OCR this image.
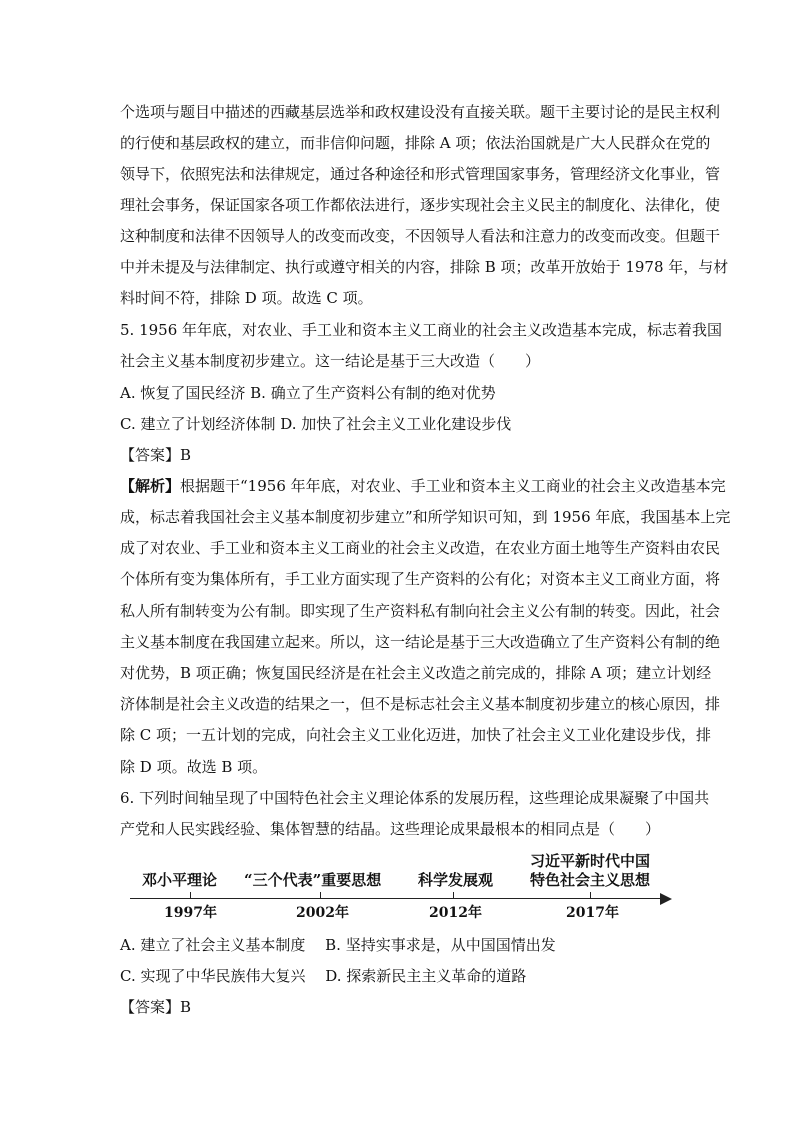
个选项与题目中描述的西藏基层选举和政权建设没有直接关联。题干主要讨论的是民主权利
的行使和基层政权的建立，而非信仰问题，排除 A 项；依法治国就是广大人民群众在党的
领导下，依照宪法和法律规定，通过各种途径和形式管理国家事务，管理经济文化事业，管
理社会事务，保证国家各项工作都依法进行，逐步实现社会主义民主的制度化、法律化，使
这种制度和法律不因领导人的改变而改变，不因领导人看法和注意力的改变而改变。但题干
中并未提及与法律制定、执行或遵守相关的内容，排除 B 项；改革开放始于 1978 年，与材
料时间不符，排除 D 项。故选 C 项。
5. 1956 年年底，对农业、手工业和资本主义工商业的社会主义改造基本完成，标志着我国
社会主义基本制度初步建立。这一结论是基于三大改造（　　）
A. 恢复了国民经济 B. 确立了生产资料公有制的绝对优势
C. 建立了计划经济体制 D. 加快了社会主义工业化建设步伐
【答案】B
【解析】根据题干“1956 年年底，对农业、手工业和资本主义工商业的社会主义改造基本完
成，标志着我国社会主义基本制度初步建立”和所学知识可知，到 1956 年底，我国基本上完
成了对农业、手工业和资本主义工商业的社会主义改造，在农业方面土地等生产资料由农民
个体所有变为集体所有，手工业方面实现了生产资料的公有化；对资本主义工商业方面，将
私人所有制转变为公有制。即实现了生产资料私有制向社会主义公有制的转变。因此，社会
主义基本制度在我国建立起来。所以，这一结论是基于三大改造确立了生产资料公有制的绝
对优势，B 项正确；恢复国民经济是在社会主义改造之前完成的，排除 A 项；建立计划经
济体制是社会主义改造的结果之一，但不是标志社会主义基本制度初步建立的核心原因，排
除 C 项；一五计划的完成，向社会主义工业化迈进，加快了社会主义工业化建设步伐，排
除 D 项。故选 B 项。
6. 下列时间轴呈现了中国特色社会主义理论体系的发展历程，这些理论成果凝聚了中国共
产党和人民实践经验、集体智慧的结晶。这些理论成果最根本的相同点是（　　）
邓小平理论 “三个代表”重要思想 科学发展观
习近平新时代中国
特色社会主义思想
1997年	2002年	2012年	2017年
A. 建立了社会主义基本制度　 B. 坚持实事求是，从中国国情出发
C. 实现了中华民族伟大复兴　 D. 探索新民主主义革命的道路
【答案】B
